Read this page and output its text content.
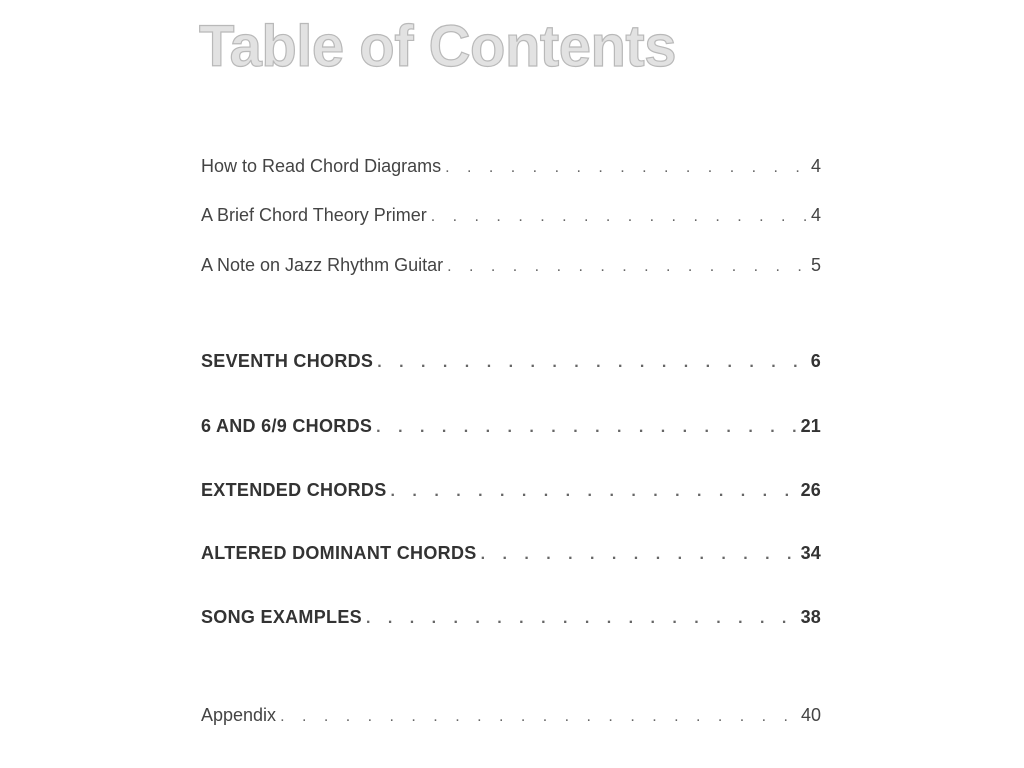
Table of Contents
How to Read Chord Diagrams . . .	4
A Brief Chord Theory Primer . . .	4
A Note on Jazz Rhythm Guitar . . .	5
SEVENTH CHORDS . . .	6
6 AND 6/9 CHORDS . . .	21
EXTENDED CHORDS . . .	26
ALTERED DOMINANT CHORDS . . .	34
SONG EXAMPLES . . .	38
Appendix . . .	40
